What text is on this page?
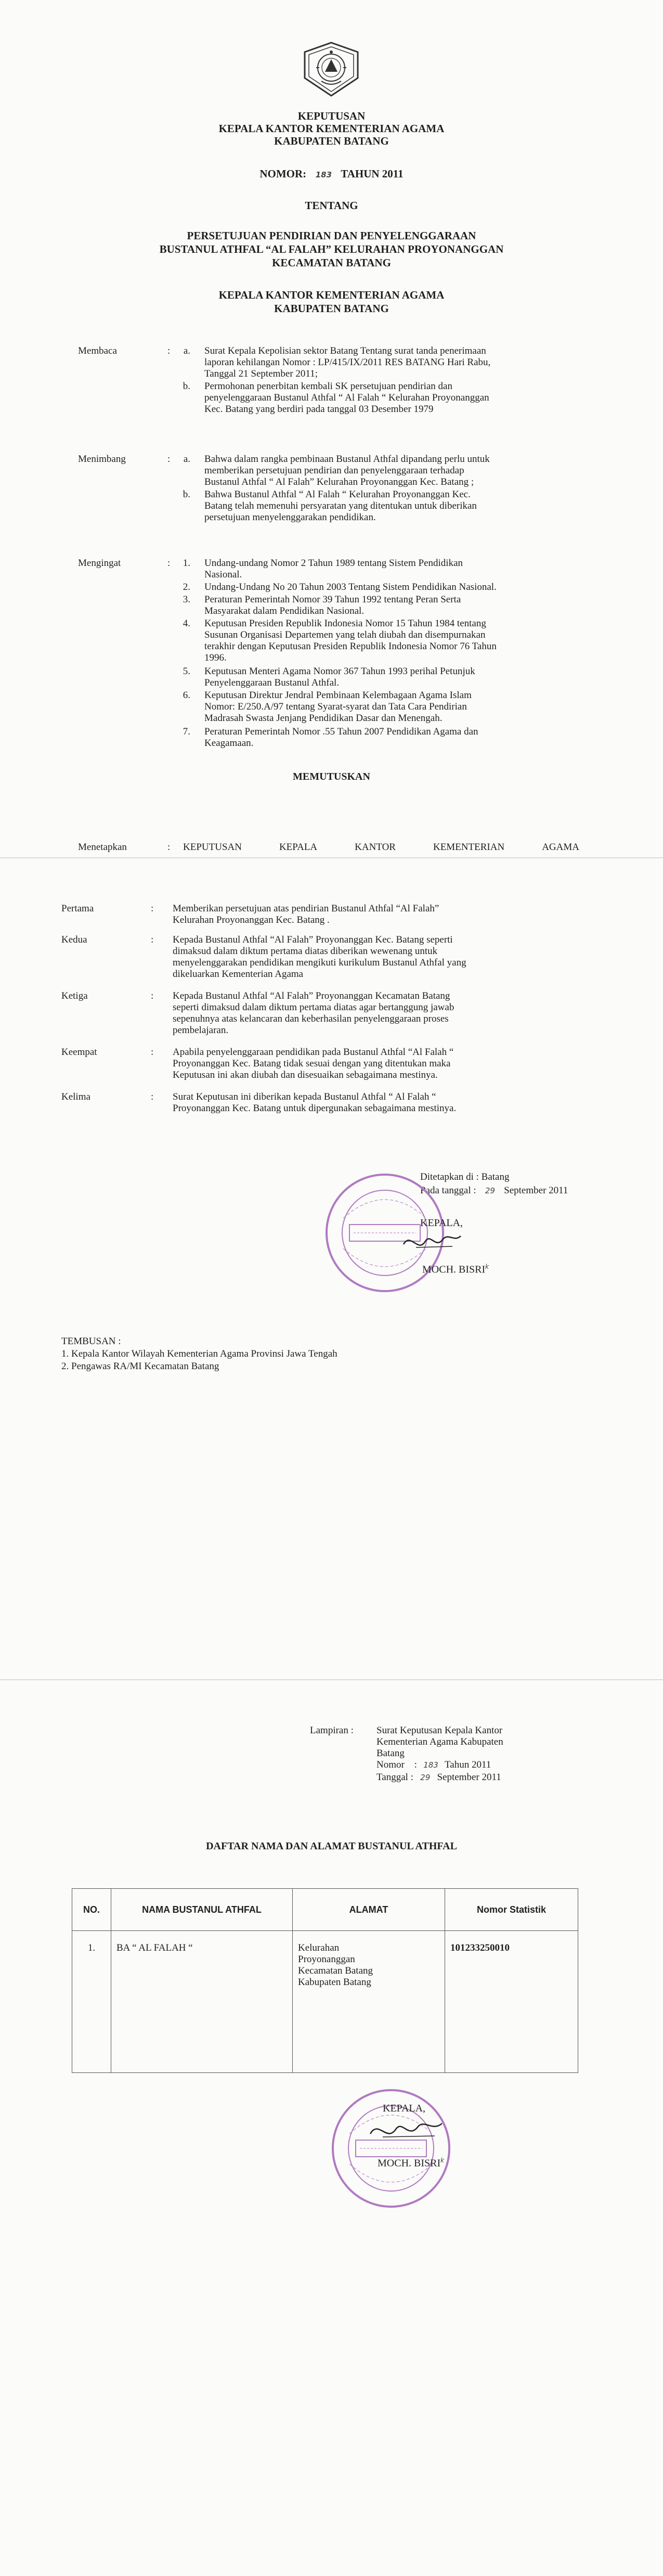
KEPUTUSAN
KEPALA KANTOR KEMENTERIAN AGAMA
KABUPATEN BATANG
NOMOR: 183 TAHUN 2011
TENTANG
PERSETUJUAN PENDIRIAN DAN PENYELENGGARAAN
BUSTANUL ATHFAL “AL FALAH” KELURAHAN PROYONANGGAN
KECAMATAN BATANG
KEPALA KANTOR KEMENTERIAN AGAMA
KABUPATEN BATANG
Membaca	:	a. Surat Kepala Kepolisian sektor Batang Tentang surat tanda penerimaan
laporan kehilangan Nomor : LP/415/IX/2011 RES BATANG Hari Rabu,
Tanggal 21 September 2011;
b. Permohonan penerbitan kembali SK persetujuan pendirian dan
penyelenggaraan Bustanul Athfal “ Al Falah “ Kelurahan Proyonanggan
Kec. Batang yang berdiri pada tanggal 03 Desember 1979
Menimbang	:	a. Bahwa dalam rangka pembinaan Bustanul Athfal dipandang perlu untuk
memberikan persetujuan pendirian dan penyelenggaraan terhadap
Bustanul Athfal “ Al Falah” Kelurahan Proyonanggan Kec. Batang ;
b. Bahwa Bustanul Athfal “ Al Falah “ Kelurahan Proyonanggan Kec.
Batang telah memenuhi persyaratan yang ditentukan untuk diberikan
persetujuan menyelenggarakan pendidikan.
Mengingat	:	1. Undang-undang Nomor 2 Tahun 1989 tentang Sistem Pendidikan
Nasional.
2. Undang-Undang No 20 Tahun 2003 Tentang Sistem Pendidikan Nasional.
3. Peraturan Pemerintah Nomor 39 Tahun 1992 tentang Peran Serta
Masyarakat dalam Pendidikan Nasional.
4. Keputusan Presiden Republik Indonesia Nomor 15 Tahun 1984 tentang
Susunan Organisasi Departemen yang telah diubah dan disempurnakan
terakhir dengan Keputusan Presiden Republik Indonesia Nomor 76 Tahun
1996.
5. Keputusan Menteri Agama Nomor 367 Tahun 1993 perihal Petunjuk
Penyelenggaraan Bustanul Athfal.
6. Keputusan Direktur Jendral Pembinaan Kelembagaan Agama Islam
Nomor: E/250.A/97 tentang Syarat-syarat dan Tata Cara Pendirian
Madrasah Swasta Jenjang Pendidikan Dasar dan Menengah.
7. Peraturan Pemerintah Nomor .55 Tahun 2007 Pendidikan Agama dan
Keagamaan.
MEMUTUSKAN
Menetapkan	: KEPUTUSAN	KEPALA	KANTOR	KEMENTERIAN	AGAMA
Pertama	: Memberikan persetujuan atas pendirian Bustanul Athfal “Al Falah”
Kelurahan Proyonanggan Kec. Batang .
Kedua	: Kepada Bustanul Athfal “Al Falah” Proyonanggan Kec. Batang seperti
dimaksud dalam diktum pertama diatas diberikan wewenang untuk
menyelenggarakan pendidikan mengikuti kurikulum Bustanul Athfal yang
dikeluarkan Kementerian Agama
Ketiga	: Kepada Bustanul Athfal “Al Falah” Proyonanggan Kecamatan Batang
seperti dimaksud dalam diktum pertama diatas agar bertanggung jawab
sepenuhnya atas kelancaran dan keberhasilan penyelenggaraan proses
pembelajaran.
Keempat	: Apabila penyelenggaraan pendidikan pada Bustanul Athfal “Al Falah “
Proyonanggan Kec. Batang tidak sesuai dengan yang ditentukan maka
Keputusan ini akan diubah dan disesuaikan sebagaimana mestinya.
Kelima	: Surat Keputusan ini diberikan kepada Bustanul Athfal “ Al Falah “
Proyonanggan Kec. Batang untuk dipergunakan sebagaimana mestinya.
Ditetapkan di : Batang
Pada tanggal : 29 September 2011
KEPALA,
MOCH. BISRI$^k$
TEMBUSAN :
1. Kepala Kantor Wilayah Kementerian Agama Provinsi Jawa Tengah
2. Pengawas RA/MI Kecamatan Batang
Lampiran : Surat Keputusan Kepala Kantor
Kementerian Agama Kabupaten
Batang
Nomor : 183 Tahun 2011
Tanggal : 29 September 2011
DAFTAR NAMA DAN ALAMAT BUSTANUL ATHFAL
NO.	NAMA BUSTANUL ATHFAL	ALAMAT	Nomor Statistik
1.	BA “ AL FALAH “	Kelurahan
Proyonanggan
Kecamatan Batang
Kabupaten Batang	101233250010
KEPALA,
MOCH. BISRI$^k$
